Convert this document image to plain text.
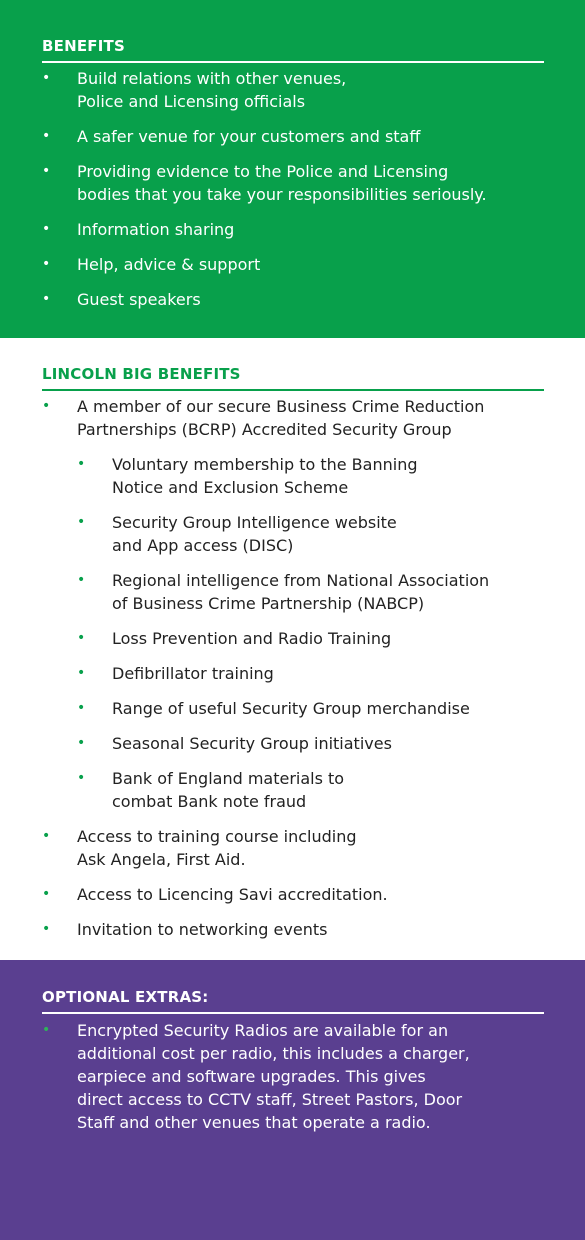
BENEFITS
• Build relations with other venues,
Police and Licensing officials
• A safer venue for your customers and staff
• Providing evidence to the Police and Licensing
bodies that you take your responsibilities seriously.
• Information sharing
• Help, advice & support
• Guest speakers
LINCOLN BIG BENEFITS
• A member of our secure Business Crime Reduction
Partnerships (BCRP) Accredited Security Group
• Voluntary membership to the Banning
Notice and Exclusion Scheme
• Security Group Intelligence website
and App access (DISC)
• Regional intelligence from National Association
of Business Crime Partnership (NABCP)
• Loss Prevention and Radio Training
• Defibrillator training
• Range of useful Security Group merchandise
• Seasonal Security Group initiatives
• Bank of England materials to
combat Bank note fraud
• Access to training course including
Ask Angela, First Aid.
• Access to Licencing Savi accreditation.
• Invitation to networking events
OPTIONAL EXTRAS:
• Encrypted Security Radios are available for an
additional cost per radio, this includes a charger,
earpiece and software upgrades. This gives
direct access to CCTV staff, Street Pastors, Door
Staff and other venues that operate a radio.
